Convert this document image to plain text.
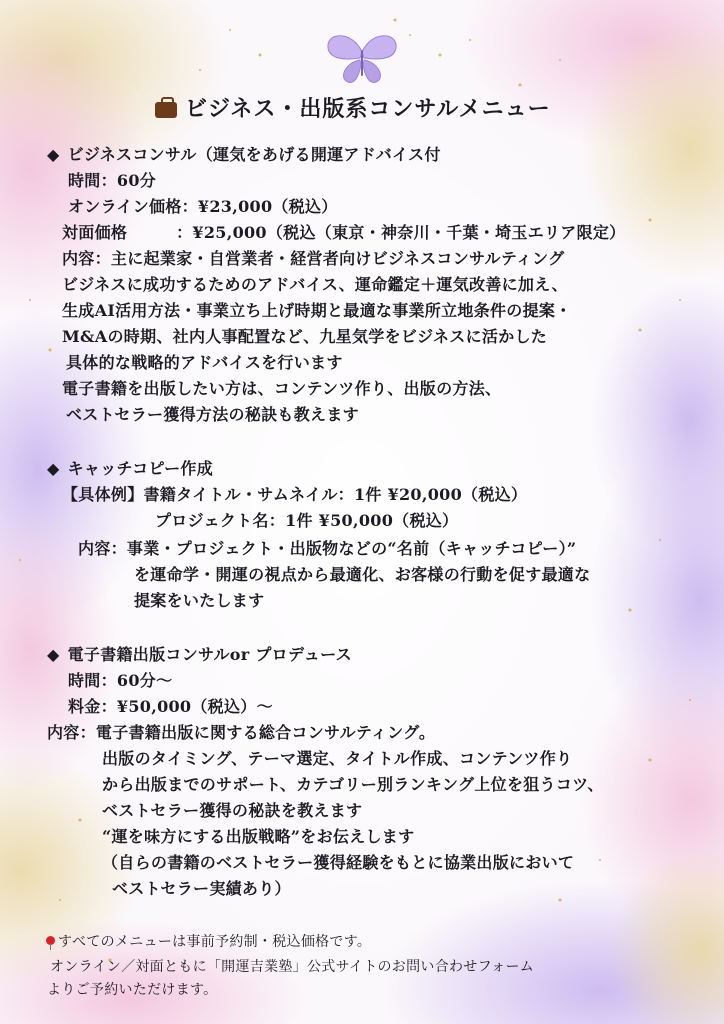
ビジネス・出版系コンサルメニュー
◆ ビジネスコンサル（運気をあげる開運アドバイス付
時間：60分
オンライン価格：¥23,000（税込）
対面価格　　　：¥25,000（税込（東京・神奈川・千葉・埼玉エリア限定）
内容：主に起業家・自営業者・経営者向けビジネスコンサルティング
ビジネスに成功するためのアドバイス、運命鑑定＋運気改善に加え、
生成AI活用方法・事業立ち上げ時期と最適な事業所立地条件の提案・
M&Aの時期、社内人事配置など、九星気学をビジネスに活かした
具体的な戦略的アドバイスを行います
電子書籍を出版したい方は、コンテンツ作り、出版の方法、
ベストセラー獲得方法の秘訣も教えます
◆ キャッチコピー作成
【具体例】書籍タイトル・サムネイル：1件 ¥20,000（税込）
プロジェクト名：1件 ¥50,000（税込）
内容：事業・プロジェクト・出版物などの“名前（キャッチコピー）”
を運命学・開運の視点から最適化、お客様の行動を促す最適な
提案をいたします
◆ 電子書籍出版コンサルor プロデュース
時間：60分～
料金：¥50,000（税込）～
内容：電子書籍出版に関する総合コンサルティング。
出版のタイミング、テーマ選定、タイトル作成、コンテンツ作り
から出版までのサポート、カテゴリー別ランキング上位を狙うコツ、
ベストセラー獲得の秘訣を教えます
“運を味方にする出版戦略”をお伝えします
（自らの書籍のベストセラー獲得経験をもとに協業出版において
ベストセラー実績あり）
すべてのメニューは事前予約制・税込価格です。
オンライン／対面ともに「開運吉業塾」公式サイトのお問い合わせフォーム
よりご予約いただけます。
